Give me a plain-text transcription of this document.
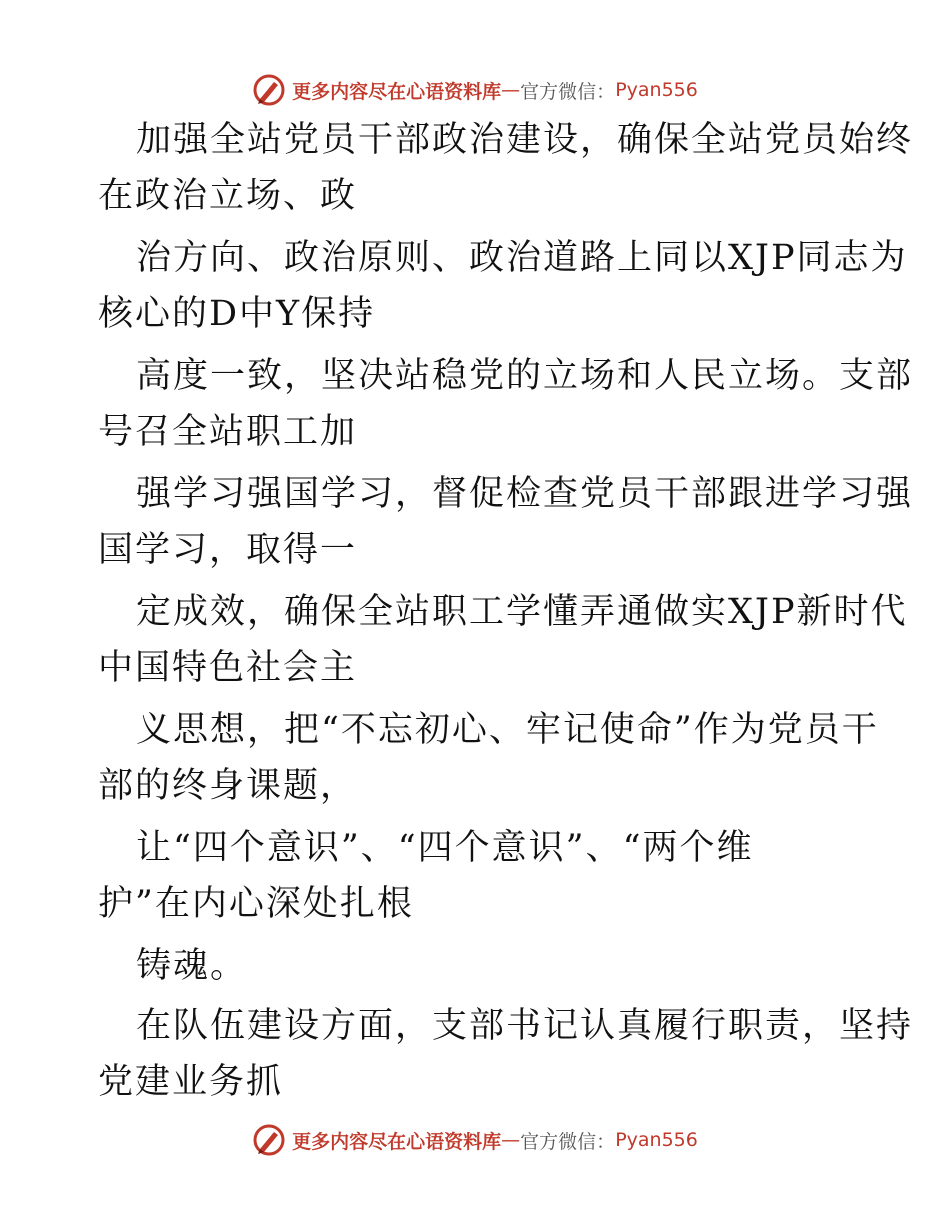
更多内容尽在心语资料库 — 官方微信： Pyan556
加强全站党员干部政治建设，确保全站党员始终
在政治立场、政
治方向、政治原则、政治道路上同以XJP同志为
核心的D中Y保持
高度一致，坚决站稳党的立场和人民立场。支部
号召全站职工加
强学习强国学习，督促检查党员干部跟进学习强
国学习，取得一
定成效，确保全站职工学懂弄通做实XJP新时代
中国特色社会主
义思想，把“不忘初心、牢记使命”作为党员干
部的终身课题，
让“四个意识”、“四个意识”、“两个维
护”在内心深处扎根
铸魂。
在队伍建设方面，支部书记认真履行职责，坚持
党建业务抓
更多内容尽在心语资料库 — 官方微信： Pyan556
